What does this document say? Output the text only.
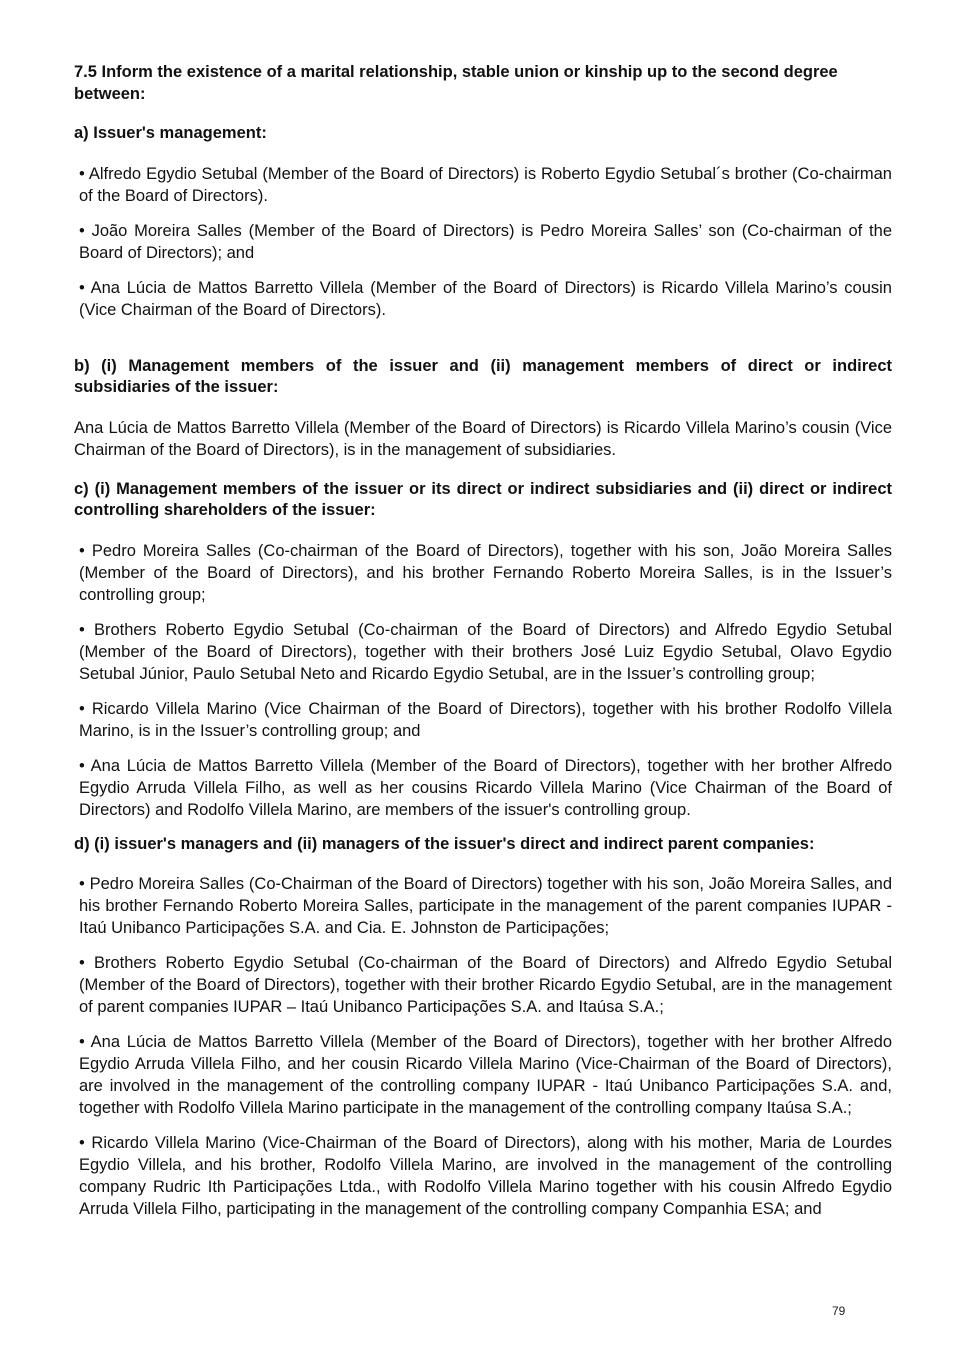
7.5 Inform the existence of a marital relationship, stable union or kinship up to the second degree between:

a) Issuer's management:

• Alfredo Egydio Setubal (Member of the Board of Directors) is Roberto Egydio Setubal´s brother (Co-chairman of the Board of Directors).

• João Moreira Salles (Member of the Board of Directors) is Pedro Moreira Salles’ son (Co-chairman of the Board of Directors); and

• Ana Lúcia de Mattos Barretto Villela (Member of the Board of Directors) is Ricardo Villela Marino’s cousin (Vice Chairman of the Board of Directors).

b) (i) Management members of the issuer and (ii) management members of direct or indirect subsidiaries of the issuer:

Ana Lúcia de Mattos Barretto Villela (Member of the Board of Directors) is Ricardo Villela Marino’s cousin (Vice Chairman of the Board of Directors), is in the management of subsidiaries.

c) (i) Management members of the issuer or its direct or indirect subsidiaries and (ii) direct or indirect controlling shareholders of the issuer:

• Pedro Moreira Salles (Co-chairman of the Board of Directors), together with his son, João Moreira Salles (Member of the Board of Directors), and his brother Fernando Roberto Moreira Salles, is in the Issuer’s controlling group;

• Brothers Roberto Egydio Setubal (Co-chairman of the Board of Directors) and Alfredo Egydio Setubal (Member of the Board of Directors), together with their brothers José Luiz Egydio Setubal, Olavo Egydio Setubal Júnior, Paulo Setubal Neto and Ricardo Egydio Setubal, are in the Issuer’s controlling group;

• Ricardo Villela Marino (Vice Chairman of the Board of Directors), together with his brother Rodolfo Villela Marino, is in the Issuer’s controlling group; and

• Ana Lúcia de Mattos Barretto Villela (Member of the Board of Directors), together with her brother Alfredo Egydio Arruda Villela Filho, as well as her cousins Ricardo Villela Marino (Vice Chairman of the Board of Directors) and Rodolfo Villela Marino, are members of the issuer's controlling group.

d) (i) issuer's managers and (ii) managers of the issuer's direct and indirect parent companies:

• Pedro Moreira Salles (Co-Chairman of the Board of Directors) together with his son, João Moreira Salles, and his brother Fernando Roberto Moreira Salles, participate in the management of the parent companies IUPAR - Itaú Unibanco Participações S.A. and Cia. E. Johnston de Participações;

• Brothers Roberto Egydio Setubal (Co-chairman of the Board of Directors) and Alfredo Egydio Setubal (Member of the Board of Directors), together with their brother Ricardo Egydio Setubal, are in the management of parent companies IUPAR – Itaú Unibanco Participações S.A. and Itaúsa S.A.;

• Ana Lúcia de Mattos Barretto Villela (Member of the Board of Directors), together with her brother Alfredo Egydio Arruda Villela Filho, and her cousin Ricardo Villela Marino (Vice-Chairman of the Board of Directors), are involved in the management of the controlling company IUPAR - Itaú Unibanco Participações S.A. and, together with Rodolfo Villela Marino participate in the management of the controlling company Itaúsa S.A.;

• Ricardo Villela Marino (Vice-Chairman of the Board of Directors), along with his mother, Maria de Lourdes Egydio Villela, and his brother, Rodolfo Villela Marino, are involved in the management of the controlling company Rudric Ith Participações Ltda., with Rodolfo Villela Marino together with his cousin Alfredo Egydio Arruda Villela Filho, participating in the management of the controlling company Companhia ESA; and

79
